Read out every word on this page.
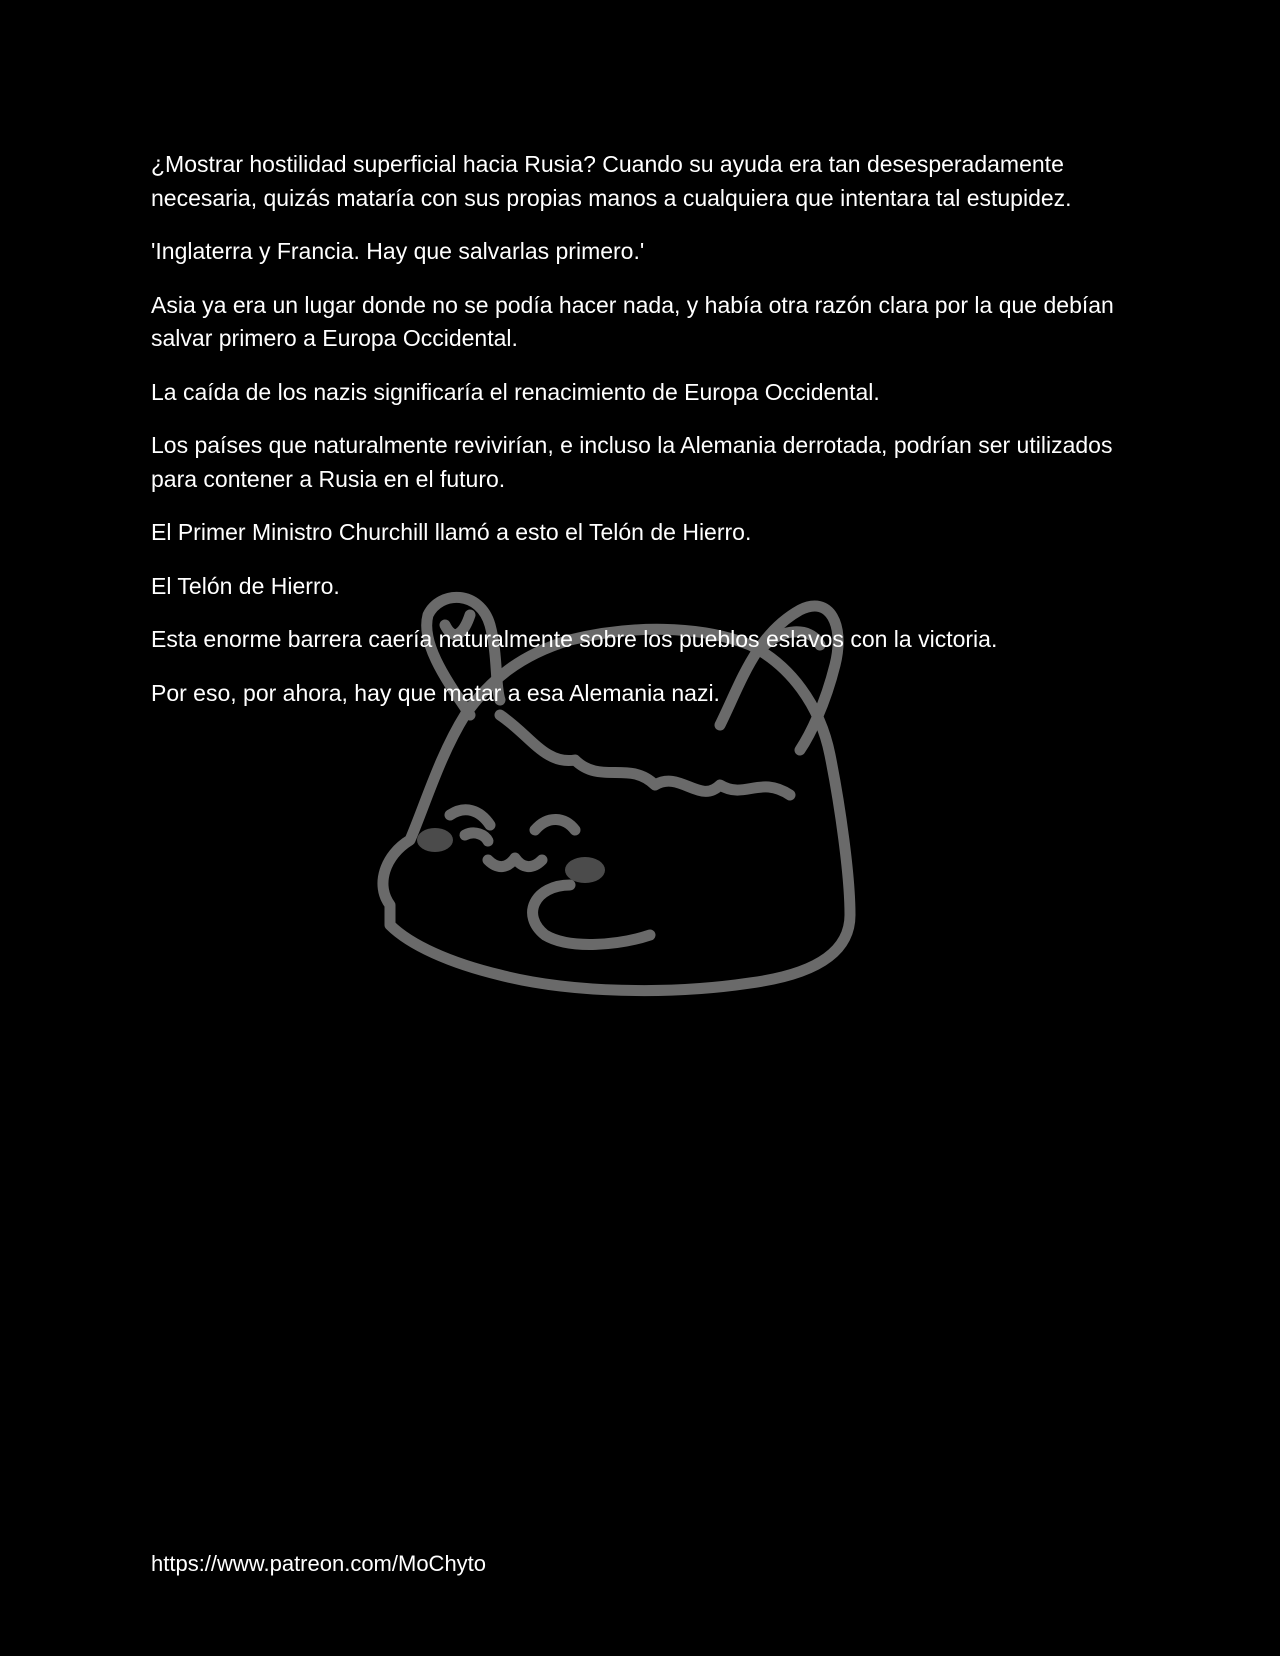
¿Mostrar hostilidad superficial hacia Rusia? Cuando su ayuda era tan desesperadamente necesaria, quizás mataría con sus propias manos a cualquiera que intentara tal estupidez.

'Inglaterra y Francia. Hay que salvarlas primero.'

Asia ya era un lugar donde no se podía hacer nada, y había otra razón clara por la que debían salvar primero a Europa Occidental.

La caída de los nazis significaría el renacimiento de Europa Occidental.

Los países que naturalmente revivirían, e incluso la Alemania derrotada, podrían ser utilizados para contener a Rusia en el futuro.

El Primer Ministro Churchill llamó a esto el Telón de Hierro.

El Telón de Hierro.

Esta enorme barrera caería naturalmente sobre los pueblos eslavos con la victoria.

Por eso, por ahora, hay que matar a esa Alemania nazi.

https://www.patreon.com/MoChyto
